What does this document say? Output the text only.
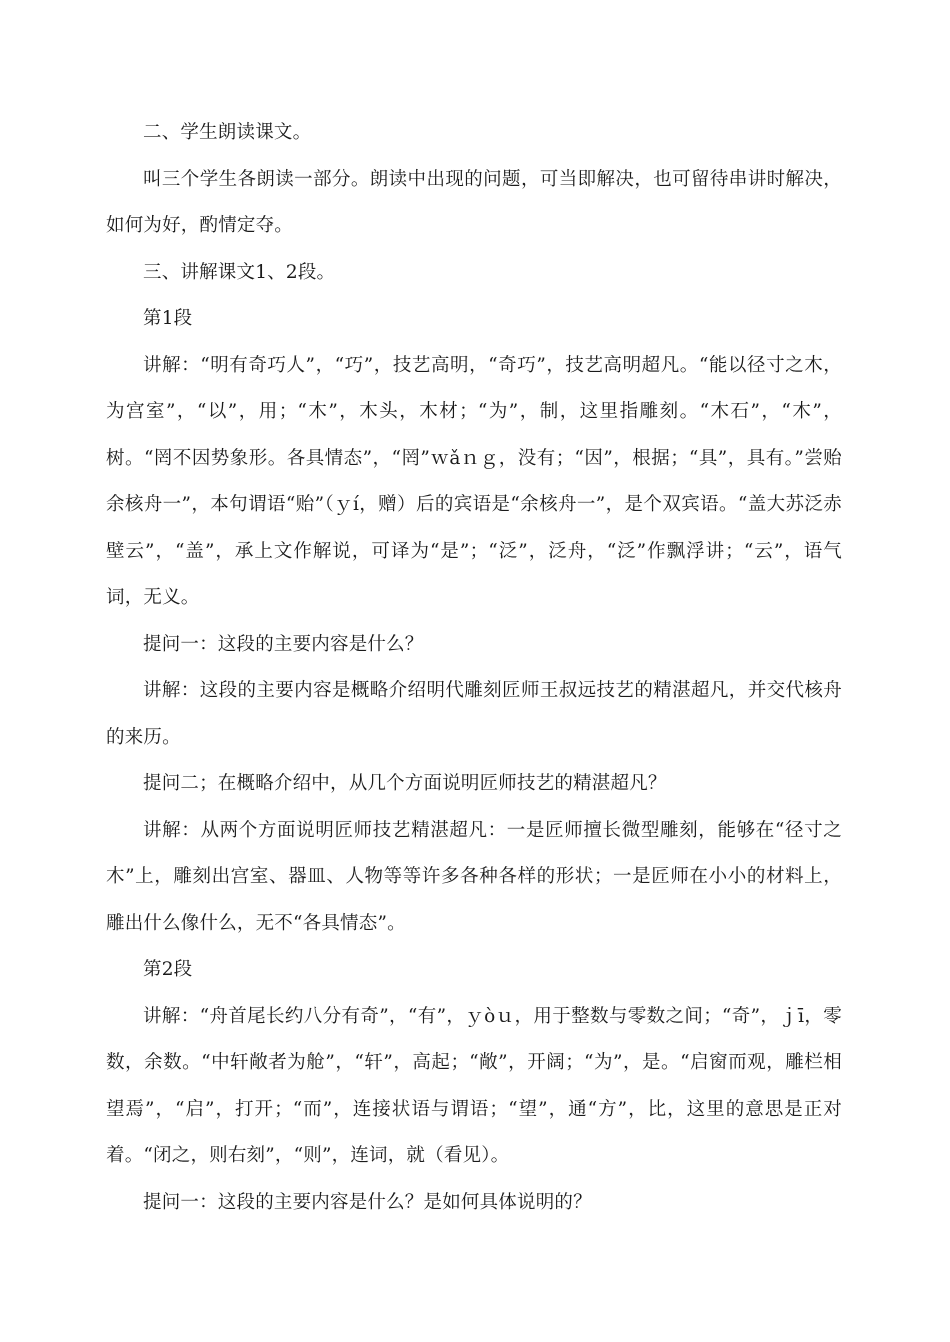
二、学生朗读课文。

叫三个学生各朗读一部分。朗读中出现的问题，可当即解决，也可留待串讲时解决，如何为好，酌情定夺。

三、讲解课文1、2段。

第1段

讲解：“明有奇巧人”，“巧”，技艺高明，“奇巧”，技艺高明超凡。“能以径寸之木，为宫室”，“以”，用；“木”，木头，木材；“为”，制，这里指雕刻。“木石”，“木”，树。“罔不因势象形。各具情态”，“罔”ｗǎｎｇ，没有；“因”，根据；“具”，具有。”尝贻余核舟一”，本句谓语“贻”（ｙí，赠）后的宾语是“余核舟一”，是个双宾语。“盖大苏泛赤壁云”，“盖”，承上文作解说，可译为“是”；“泛”，泛舟，“泛”作飘浮讲；“云”，语气词，无义。

提问一：这段的主要内容是什么？

讲解：这段的主要内容是概略介绍明代雕刻匠师王叔远技艺的精湛超凡，并交代核舟的来历。

提问二；在概略介绍中，从几个方面说明匠师技艺的精湛超凡？

讲解：从两个方面说明匠师技艺精湛超凡：一是匠师擅长微型雕刻，能够在“径寸之木”上，雕刻出宫室、器皿、人物等等许多各种各样的形状；一是匠师在小小的材料上，雕出什么像什么，无不“各具情态”。

第2段

讲解：“舟首尾长约八分有奇”，“有”，ｙòｕ，用于整数与零数之间；“奇”，ｊī，零数，余数。“中轩敞者为舱”，“轩”，高起；“敞”，开阔；“为”，是。“启窗而观，雕栏相望焉”，“启”，打开；“而”，连接状语与谓语；“望”，通“方”，比，这里的意思是正对着。“闭之，则右刻”，“则”，连词，就（看见）。

提问一：这段的主要内容是什么？是如何具体说明的？
